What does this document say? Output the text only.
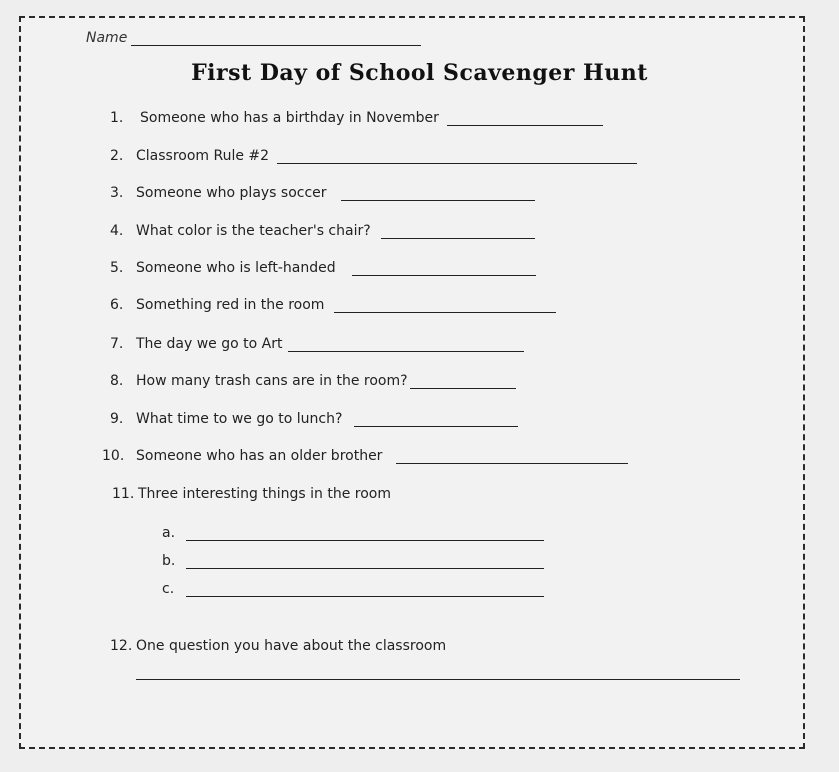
Name
First Day of School Scavenger Hunt
1.	Someone who has a birthday in November
2. Classroom Rule #2
3. Someone who plays soccer
4. What color is the teacher's chair?
5. Someone who is left-handed
6. Something red in the room
7. The day we go to Art
8. How many trash cans are in the room?
9. What time to we go to lunch?
10. Someone who has an older brother
11. Three interesting things in the room
a.
b.
c.
12. One question you have about the classroom
